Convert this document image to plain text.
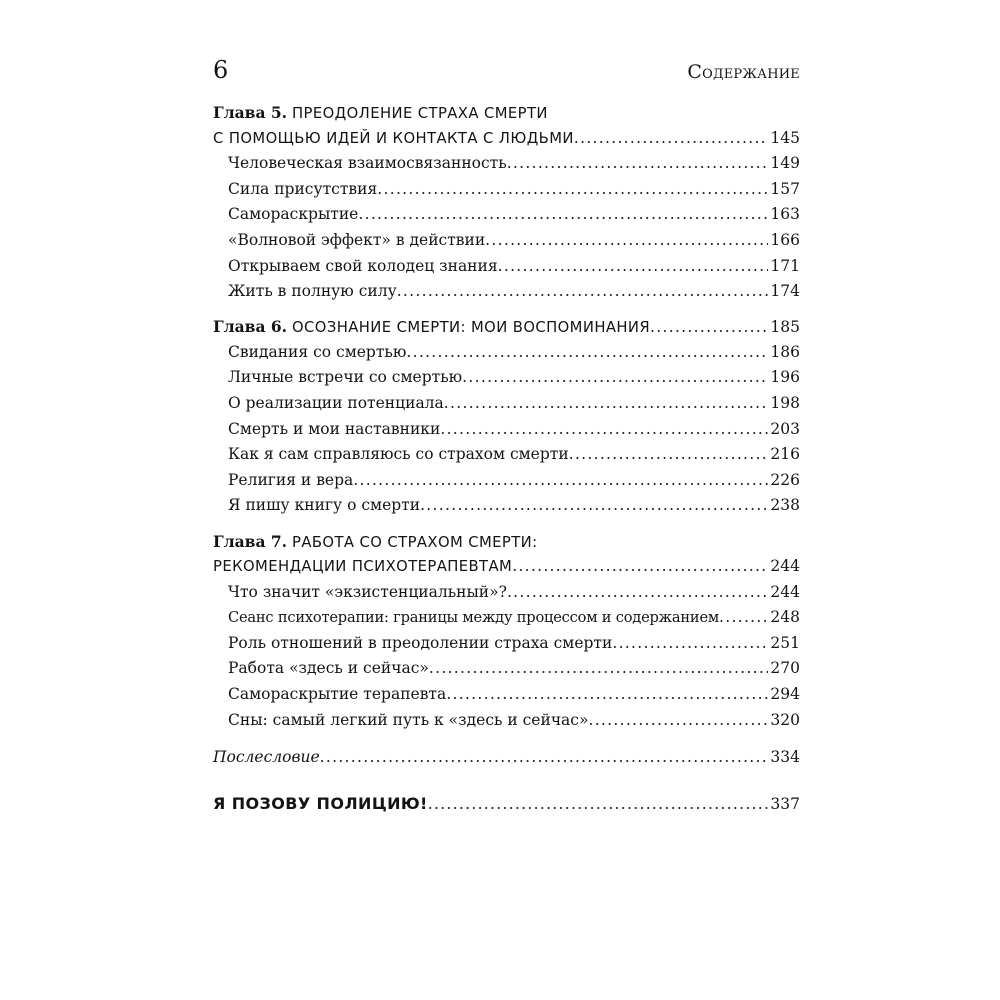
6	Содержание
Глава 5. ПРЕОДОЛЕНИЕ СТРАХА СМЕРТИ
С ПОМОЩЬЮ ИДЕЙ И КОНТАКТА С ЛЮДЬМИ .....	145
Человеческая взаимосвязанность .....	149
Сила присутствия .....	157
Самораскрытие .....	163
«Волновой эффект» в действии .....	166
Открываем свой колодец знания .....	171
Жить в полную силу .....	174
Глава 6. ОСОЗНАНИЕ СМЕРТИ: МОИ ВОСПОМИНАНИЯ .....	185
Свидания со смертью .....	186
Личные встречи со смертью .....	196
О реализации потенциала .....	198
Смерть и мои наставники .....	203
Как я сам справляюсь со страхом смерти .....	216
Религия и вера .....	226
Я пишу книгу о смерти .....	238
Глава 7. РАБОТА СО СТРАХОМ СМЕРТИ:
РЕКОМЕНДАЦИИ ПСИХОТЕРАПЕВТАМ .....	244
Что значит «экзистенциальный»? .....	244
Сеанс психотерапии: границы между процессом и содержанием .....	248
Роль отношений в преодолении страха смерти .....	251
Работа «здесь и сейчас» .....	270
Самораскрытие терапевта .....	294
Сны: самый легкий путь к «здесь и сейчас» .....	320
Послесловие .....	334
Я ПОЗОВУ ПОЛИЦИЮ! .....	337
